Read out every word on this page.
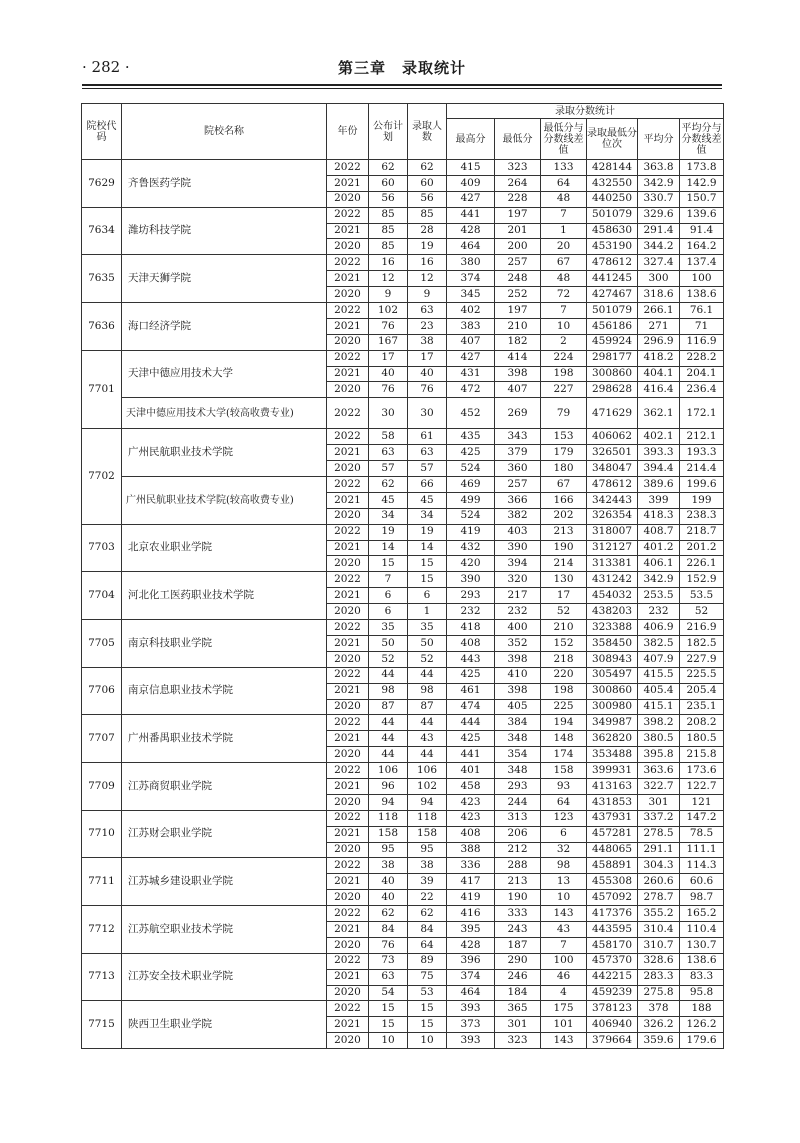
· 282 ·	第三章　录取统计
院校代码	院校名称	年份	公布计划	录取人数	录取分数统计					
					最高分	最低分	最低分与分数线差值	录取最低分位次	平均分	平均分与分数线差值
7629	齐鲁医药学院	2022	62	62	415	323	133	428144	363.8	173.8
		2021	60	60	409	264	64	432550	342.9	142.9
		2020	56	56	427	228	48	440250	330.7	150.7
7634	潍坊科技学院	2022	85	85	441	197	7	501079	329.6	139.6
		2021	85	28	428	201	1	458630	291.4	91.4
		2020	85	19	464	200	20	453190	344.2	164.2
7635	天津天狮学院	2022	16	16	380	257	67	478612	327.4	137.4
		2021	12	12	374	248	48	441245	300	100
		2020	9	9	345	252	72	427467	318.6	138.6
7636	海口经济学院	2022	102	63	402	197	7	501079	266.1	76.1
		2021	76	23	383	210	10	456186	271	71
		2020	167	38	407	182	2	459924	296.9	116.9
7701	天津中德应用技术大学	2022	17	17	427	414	224	298177	418.2	228.2
		2021	40	40	431	398	198	300860	404.1	204.1
		2020	76	76	472	407	227	298628	416.4	236.4
	天津中德应用技术大学(较高收费专业)	2022	30	30	452	269	79	471629	362.1	172.1
7702	广州民航职业技术学院	2022	58	61	435	343	153	406062	402.1	212.1
		2021	63	63	425	379	179	326501	393.3	193.3
		2020	57	57	524	360	180	348047	394.4	214.4
	广州民航职业技术学院(较高收费专业)	2022	62	66	469	257	67	478612	389.6	199.6
		2021	45	45	499	366	166	342443	399	199
		2020	34	34	524	382	202	326354	418.3	238.3
7703	北京农业职业学院	2022	19	19	419	403	213	318007	408.7	218.7
		2021	14	14	432	390	190	312127	401.2	201.2
		2020	15	15	420	394	214	313381	406.1	226.1
7704	河北化工医药职业技术学院	2022	7	15	390	320	130	431242	342.9	152.9
		2021	6	6	293	217	17	454032	253.5	53.5
		2020	6	1	232	232	52	438203	232	52
7705	南京科技职业学院	2022	35	35	418	400	210	323388	406.9	216.9
		2021	50	50	408	352	152	358450	382.5	182.5
		2020	52	52	443	398	218	308943	407.9	227.9
7706	南京信息职业技术学院	2022	44	44	425	410	220	305497	415.5	225.5
		2021	98	98	461	398	198	300860	405.4	205.4
		2020	87	87	474	405	225	300980	415.1	235.1
7707	广州番禺职业技术学院	2022	44	44	444	384	194	349987	398.2	208.2
		2021	44	43	425	348	148	362820	380.5	180.5
		2020	44	44	441	354	174	353488	395.8	215.8
7709	江苏商贸职业学院	2022	106	106	401	348	158	399931	363.6	173.6
		2021	96	102	458	293	93	413163	322.7	122.7
		2020	94	94	423	244	64	431853	301	121
7710	江苏财会职业学院	2022	118	118	423	313	123	437931	337.2	147.2
		2021	158	158	408	206	6	457281	278.5	78.5
		2020	95	95	388	212	32	448065	291.1	111.1
7711	江苏城乡建设职业学院	2022	38	38	336	288	98	458891	304.3	114.3
		2021	40	39	417	213	13	455308	260.6	60.6
		2020	40	22	419	190	10	457092	278.7	98.7
7712	江苏航空职业技术学院	2022	62	62	416	333	143	417376	355.2	165.2
		2021	84	84	395	243	43	443595	310.4	110.4
		2020	76	64	428	187	7	458170	310.7	130.7
7713	江苏安全技术职业学院	2022	73	89	396	290	100	457370	328.6	138.6
		2021	63	75	374	246	46	442215	283.3	83.3
		2020	54	53	464	184	4	459239	275.8	95.8
7715	陕西卫生职业学院	2022	15	15	393	365	175	378123	378	188
		2021	15	15	373	301	101	406940	326.2	126.2
		2020	10	10	393	323	143	379664	359.6	179.6
